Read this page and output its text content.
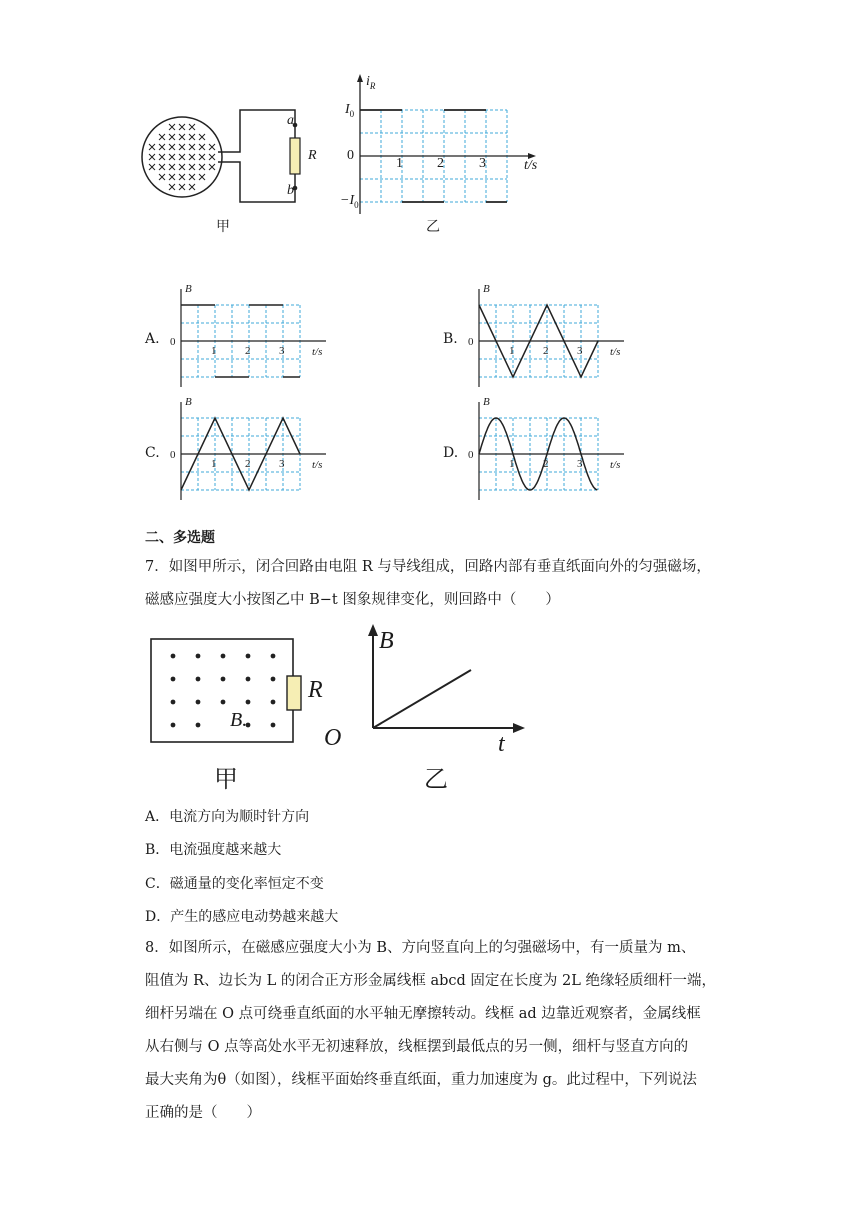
a
b
R
甲
$i_R$
$I_0$
0
$-I_0$
1 2	3	t/s
乙
A.
B
0
1	2	3	t/s
B.
B
0
1	2	3	t/s
C.
B
0
1	2	3	t/s
D.
B
0
1	2	3	t/s
二、多选题
7．如图甲所示，闭合回路由电阻 R 与导线组成，回路内部有垂直纸面向外的匀强磁场，
磁感应强度大小按图乙中 B−t 图象规律变化，则回路中（　　）
R
B.
甲
B
t
O
乙
A．电流方向为顺时针方向
B．电流强度越来越大
C．磁通量的变化率恒定不变
D．产生的感应电动势越来越大
8．如图所示，在磁感应强度大小为 B、方向竖直向上的匀强磁场中，有一质量为 m、
阻值为 R、边长为 L 的闭合正方形金属线框 abcd 固定在长度为 2L 绝缘轻质细杆一端，
细杆另端在 O 点可绕垂直纸面的水平轴无摩擦转动。线框 ad 边靠近观察者，金属线框
从右侧与 O 点等高处水平无初速释放，线框摆到最低点的另一侧，细杆与竖直方向的
最大夹角为θ（如图），线框平面始终垂直纸面，重力加速度为 g。此过程中，下列说法
正确的是（　　）
